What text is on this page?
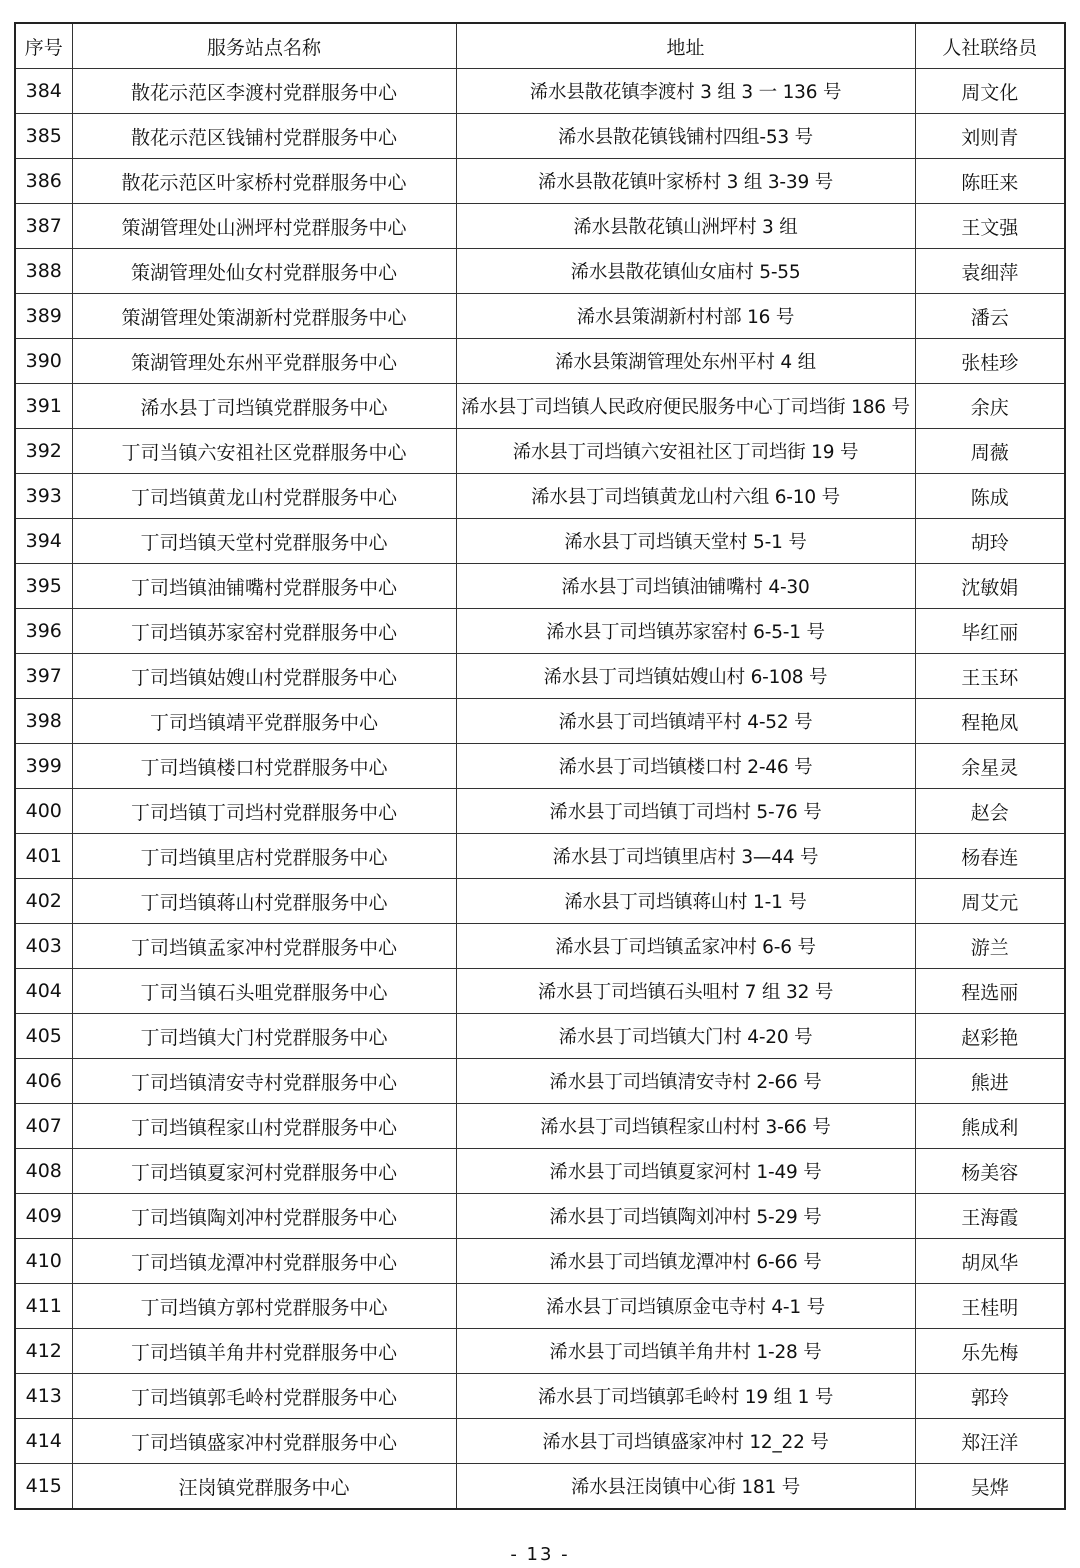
序号	服务站点名称	地址	人社联络员
384	散花示范区李渡村党群服务中心	浠水县散花镇李渡村 3 组 3 一 136 号	周文化
385	散花示范区钱铺村党群服务中心	浠水县散花镇钱铺村四组-53 号	刘则青
386	散花示范区叶家桥村党群服务中心	浠水县散花镇叶家桥村 3 组 3-39 号	陈旺来
387	策湖管理处山洲坪村党群服务中心	浠水县散花镇山洲坪村 3 组	王文强
388	策湖管理处仙女村党群服务中心	浠水县散花镇仙女庙村 5-55	袁细萍
389	策湖管理处策湖新村党群服务中心	浠水县策湖新村村部 16 号	潘云
390	策湖管理处东州平党群服务中心	浠水县策湖管理处东州平村 4 组	张桂珍
391	浠水县丁司垱镇党群服务中心	浠水县丁司垱镇人民政府便民服务中心丁司垱街 186 号	余庆
392	丁司当镇六安祖社区党群服务中心	浠水县丁司垱镇六安祖社区丁司垱街 19 号	周薇
393	丁司垱镇黄龙山村党群服务中心	浠水县丁司垱镇黄龙山村六组 6-10 号	陈成
394	丁司垱镇天堂村党群服务中心	浠水县丁司垱镇天堂村 5-1 号	胡玲
395	丁司垱镇油铺嘴村党群服务中心	浠水县丁司垱镇油铺嘴村 4-30	沈敏娟
396	丁司垱镇苏家窑村党群服务中心	浠水县丁司垱镇苏家窑村 6-5-1 号	毕红丽
397	丁司垱镇姑嫂山村党群服务中心	浠水县丁司垱镇姑嫂山村 6-108 号	王玉环
398	丁司垱镇靖平党群服务中心	浠水县丁司垱镇靖平村 4-52 号	程艳凤
399	丁司垱镇楼口村党群服务中心	浠水县丁司垱镇楼口村 2-46 号	余星灵
400	丁司垱镇丁司垱村党群服务中心	浠水县丁司垱镇丁司垱村 5-76 号	赵会
401	丁司垱镇里店村党群服务中心	浠水县丁司垱镇里店村 3—44 号	杨春连
402	丁司垱镇蒋山村党群服务中心	浠水县丁司垱镇蒋山村 1-1 号	周艾元
403	丁司垱镇孟家冲村党群服务中心	浠水县丁司垱镇孟家冲村 6-6 号	游兰
404	丁司当镇石头咀党群服务中心	浠水县丁司垱镇石头咀村 7 组 32 号	程选丽
405	丁司垱镇大门村党群服务中心	浠水县丁司垱镇大门村 4-20 号	赵彩艳
406	丁司垱镇清安寺村党群服务中心	浠水县丁司垱镇清安寺村 2-66 号	熊进
407	丁司垱镇程家山村党群服务中心	浠水县丁司垱镇程家山村村 3-66 号	熊成利
408	丁司垱镇夏家河村党群服务中心	浠水县丁司垱镇夏家河村 1-49 号	杨美容
409	丁司垱镇陶刘冲村党群服务中心	浠水县丁司垱镇陶刘冲村 5-29 号	王海霞
410	丁司垱镇龙潭冲村党群服务中心	浠水县丁司垱镇龙潭冲村 6-66 号	胡凤华
411	丁司垱镇方郭村党群服务中心	浠水县丁司垱镇原金屯寺村 4-1 号	王桂明
412	丁司垱镇羊角井村党群服务中心	浠水县丁司垱镇羊角井村 1-28 号	乐先梅
413	丁司垱镇郭毛岭村党群服务中心	浠水县丁司垱镇郭毛岭村 19 组 1 号	郭玲
414	丁司垱镇盛家冲村党群服务中心	浠水县丁司垱镇盛家冲村 12_22 号	郑汪洋
415	汪岗镇党群服务中心	浠水县汪岗镇中心街 181 号	吴烨
- 13 -
